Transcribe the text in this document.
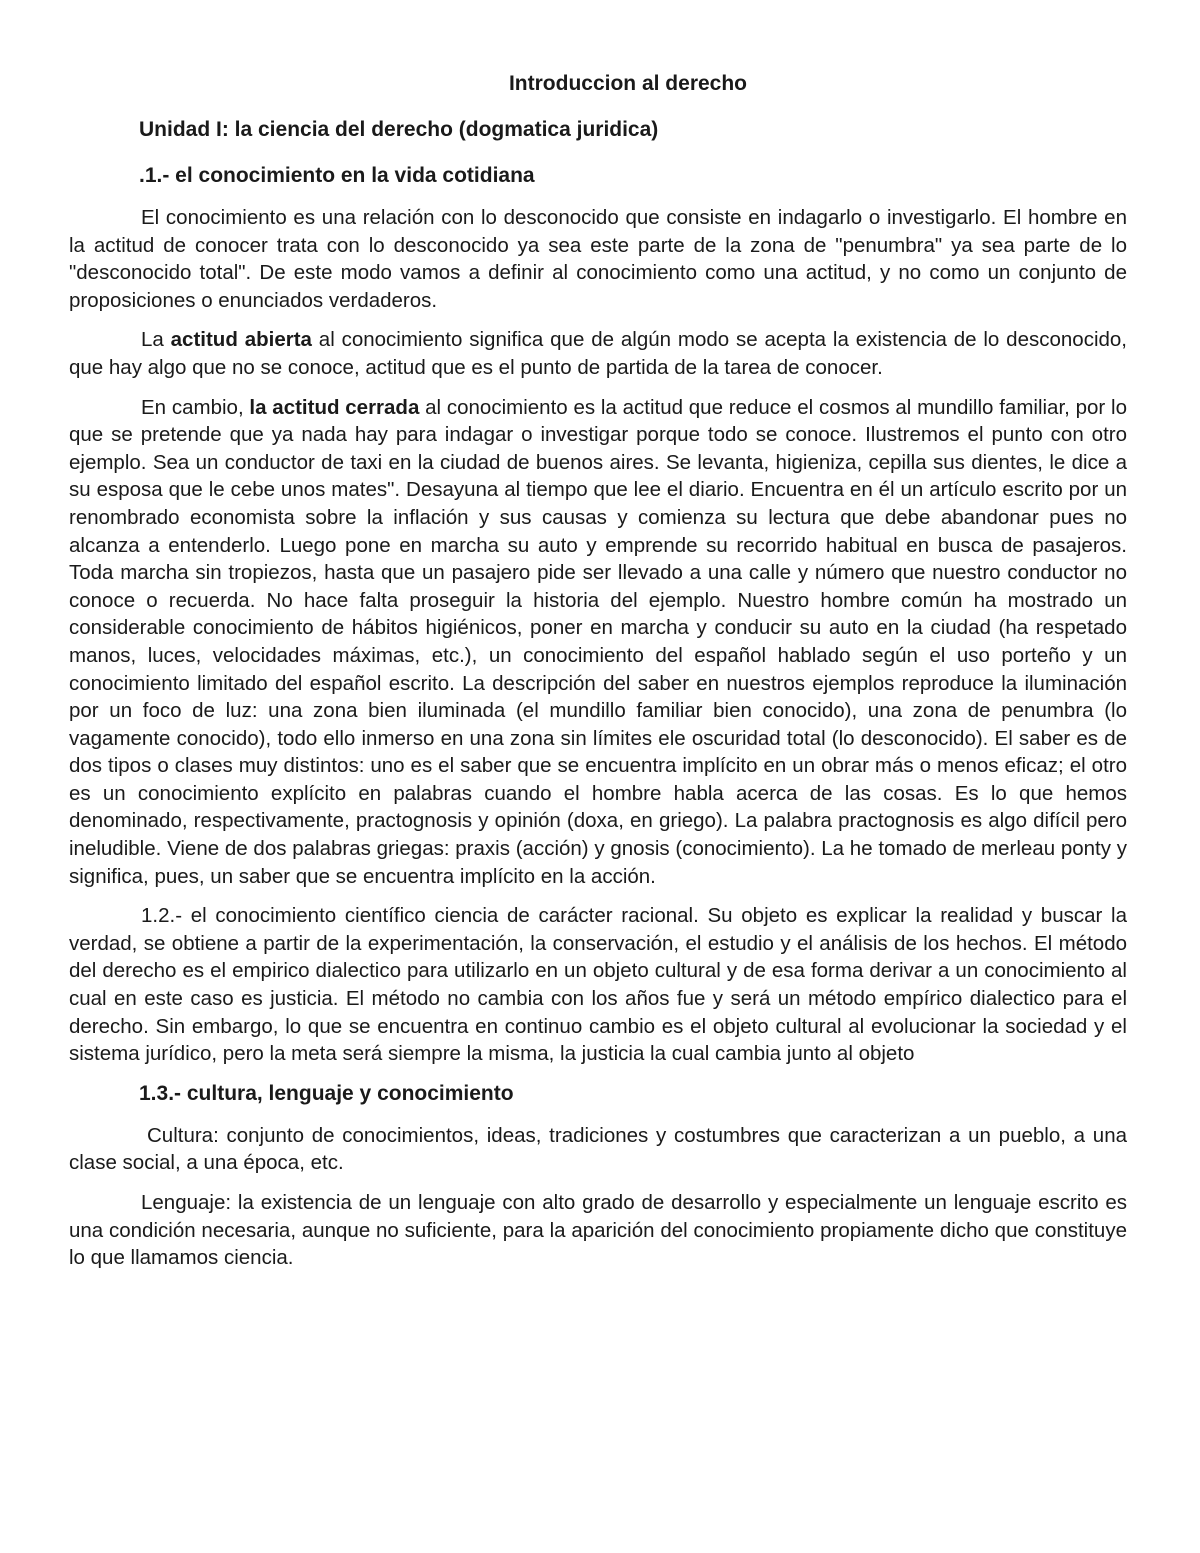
Introduccion al derecho
Unidad I: la ciencia del derecho (dogmatica juridica)
.1.- el conocimiento en la vida cotidiana

El conocimiento es una relación con lo desconocido que consiste en indagarlo o investigarlo. El hombre en la actitud de conocer trata con lo desconocido ya sea este parte de la zona de "penumbra" ya sea parte de lo "desconocido total". De este modo vamos a definir al conocimiento como una actitud, y no como un conjunto de proposiciones o enunciados verdaderos.

La actitud abierta al conocimiento significa que de algún modo se acepta la existencia de lo desconocido, que hay algo que no se conoce, actitud que es el punto de partida de la tarea de conocer.

En cambio, la actitud cerrada al conocimiento es la actitud que reduce el cosmos al mundillo familiar, por lo que se pretende que ya nada hay para indagar o investigar porque todo se conoce. Ilustremos el punto con otro ejemplo. Sea un conductor de taxi en la ciudad de buenos aires. Se levanta, higieniza, cepilla sus dientes, le dice a su esposa que le cebe unos mates". Desayuna al tiempo que lee el diario. Encuentra en él un artículo escrito por un renombrado economista sobre la inflación y sus causas y comienza su lectura que debe abandonar pues no alcanza a entenderlo. Luego pone en marcha su auto y emprende su recorrido habitual en busca de pasajeros. Toda marcha sin tropiezos, hasta que un pasajero pide ser llevado a una calle y número que nuestro conductor no conoce o recuerda. No hace falta proseguir la historia del ejemplo. Nuestro hombre común ha mostrado un considerable conocimiento de hábitos higiénicos, poner en marcha y conducir su auto en la ciudad (ha respetado manos, luces, velocidades máximas, etc.), un conocimiento del español hablado según el uso porteño y un conocimiento limitado del español escrito. La descripción del saber en nuestros ejemplos reproduce la iluminación por un foco de luz: una zona bien iluminada (el mundillo familiar bien conocido), una zona de penumbra (lo vagamente conocido), todo ello inmerso en una zona sin límites ele oscuridad total (lo desconocido). El saber es de dos tipos o clases muy distintos: uno es el saber que se encuentra implícito en un obrar más o menos eficaz; el otro es un conocimiento explícito en palabras cuando el hombre habla acerca de las cosas. Es lo que hemos denominado, respectivamente, practognosis y opinión (doxa, en griego). La palabra practognosis es algo difícil pero ineludible. Viene de dos palabras griegas: praxis (acción) y gnosis (conocimiento). La he tomado de merleau ponty y significa, pues, un saber que se encuentra implícito en la acción.

1.2.- el conocimiento científico ciencia de carácter racional. Su objeto es explicar la realidad y buscar la verdad, se obtiene a partir de la experimentación, la conservación, el estudio y el análisis de los hechos. El método del derecho es el empirico dialectico para utilizarlo en un objeto cultural y de esa forma derivar a un conocimiento al cual en este caso es justicia. El método no cambia con los años fue y será un método empírico dialectico para el derecho. Sin embargo, lo que se encuentra en continuo cambio es el objeto cultural al evolucionar la sociedad y el sistema jurídico, pero la meta será siempre la misma, la justicia la cual cambia junto al objeto

1.3.- cultura, lenguaje y conocimiento

Cultura: conjunto de conocimientos, ideas, tradiciones y costumbres que caracterizan a un pueblo, a una clase social, a una época, etc.

Lenguaje: la existencia de un lenguaje con alto grado de desarrollo y especialmente un lenguaje escrito es una condición necesaria, aunque no suficiente, para la aparición del conocimiento propiamente dicho que constituye lo que llamamos ciencia.
